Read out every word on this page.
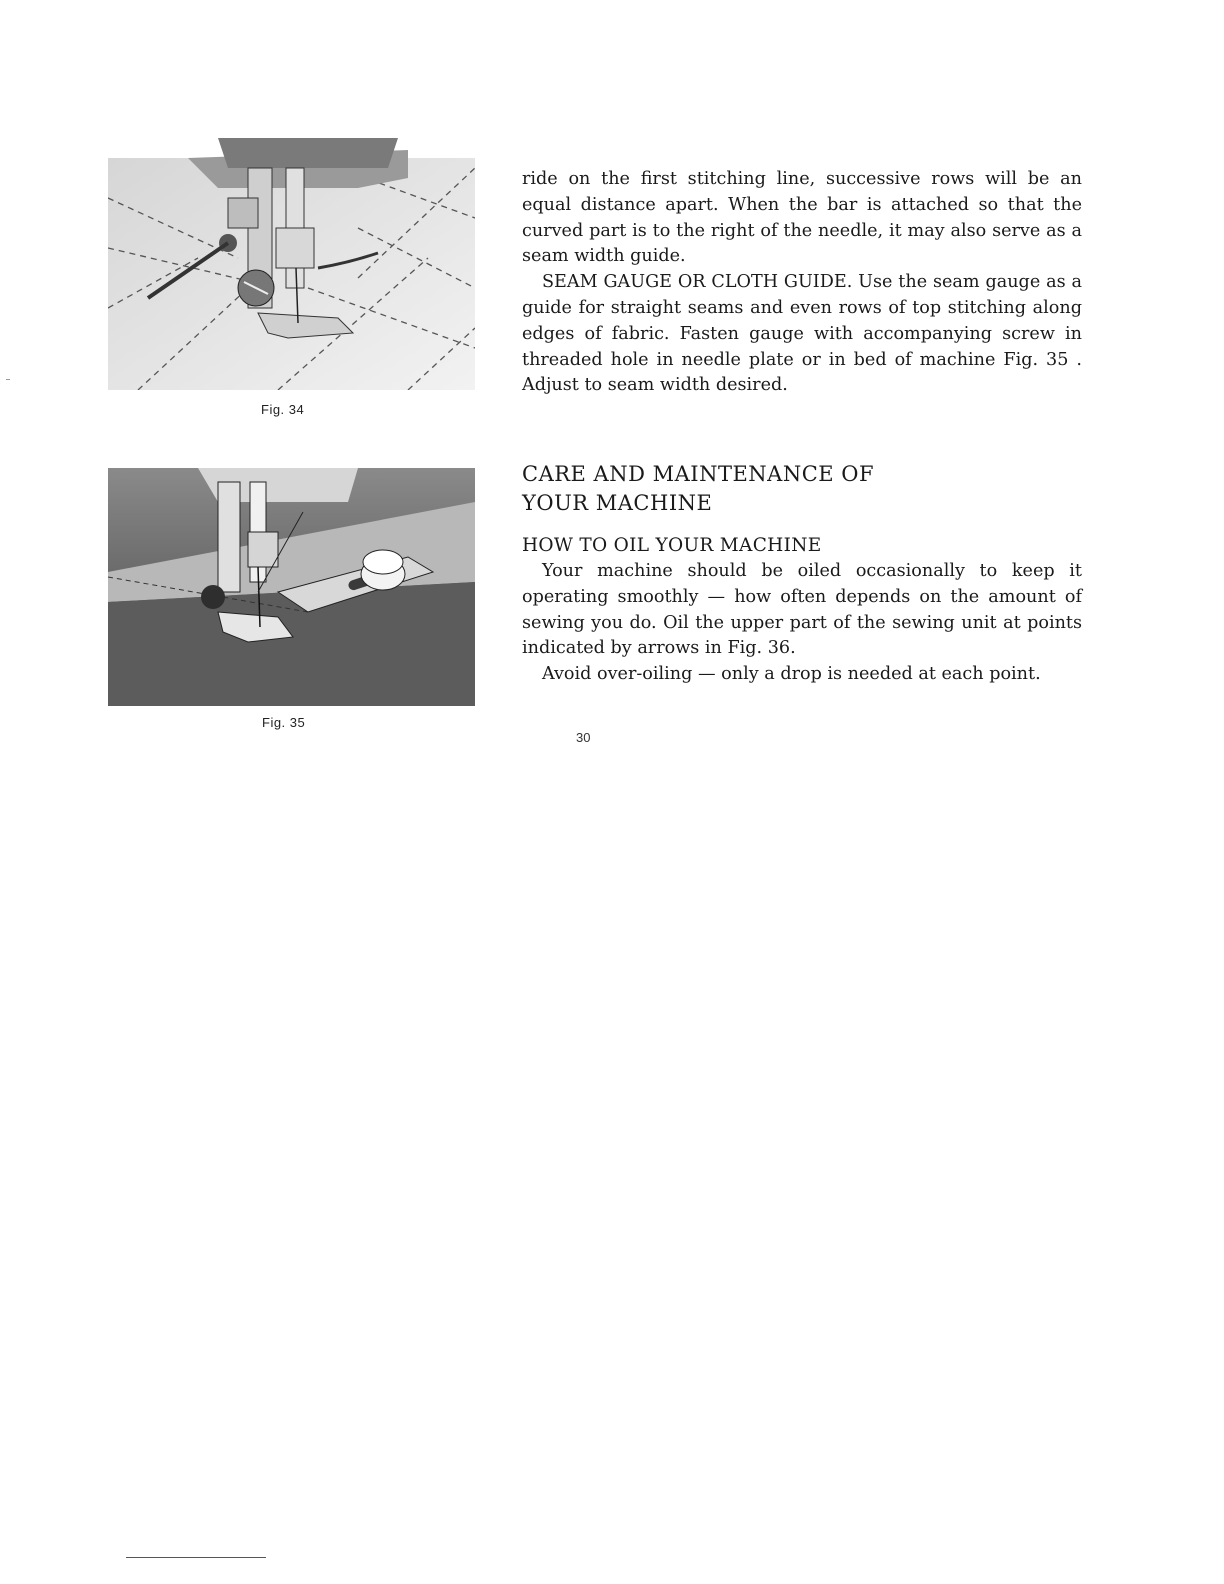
Fig. 34
Fig. 35

ride on the first stitching line, successive rows will be an equal distance apart. When the bar is attached so that the curved part is to the right of the needle, it may also serve as a seam width guide.

SEAM GAUGE OR CLOTH GUIDE. Use the seam gauge as a guide for straight seams and even rows of top stitching along edges of fabric. Fasten gauge with accompanying screw in threaded hole in needle plate or in bed of machine Fig. 35 . Adjust to seam width desired.

CARE AND MAINTENANCE OF

YOUR MACHINE

HOW TO OIL YOUR MACHINE

Your machine should be oiled occasionally to keep it operating smoothly — how often depends on the amount of sewing you do. Oil the upper part of the sewing unit at points indicated by arrows in Fig. 36.

Avoid over-oiling — only a drop is needed at each point.

30
